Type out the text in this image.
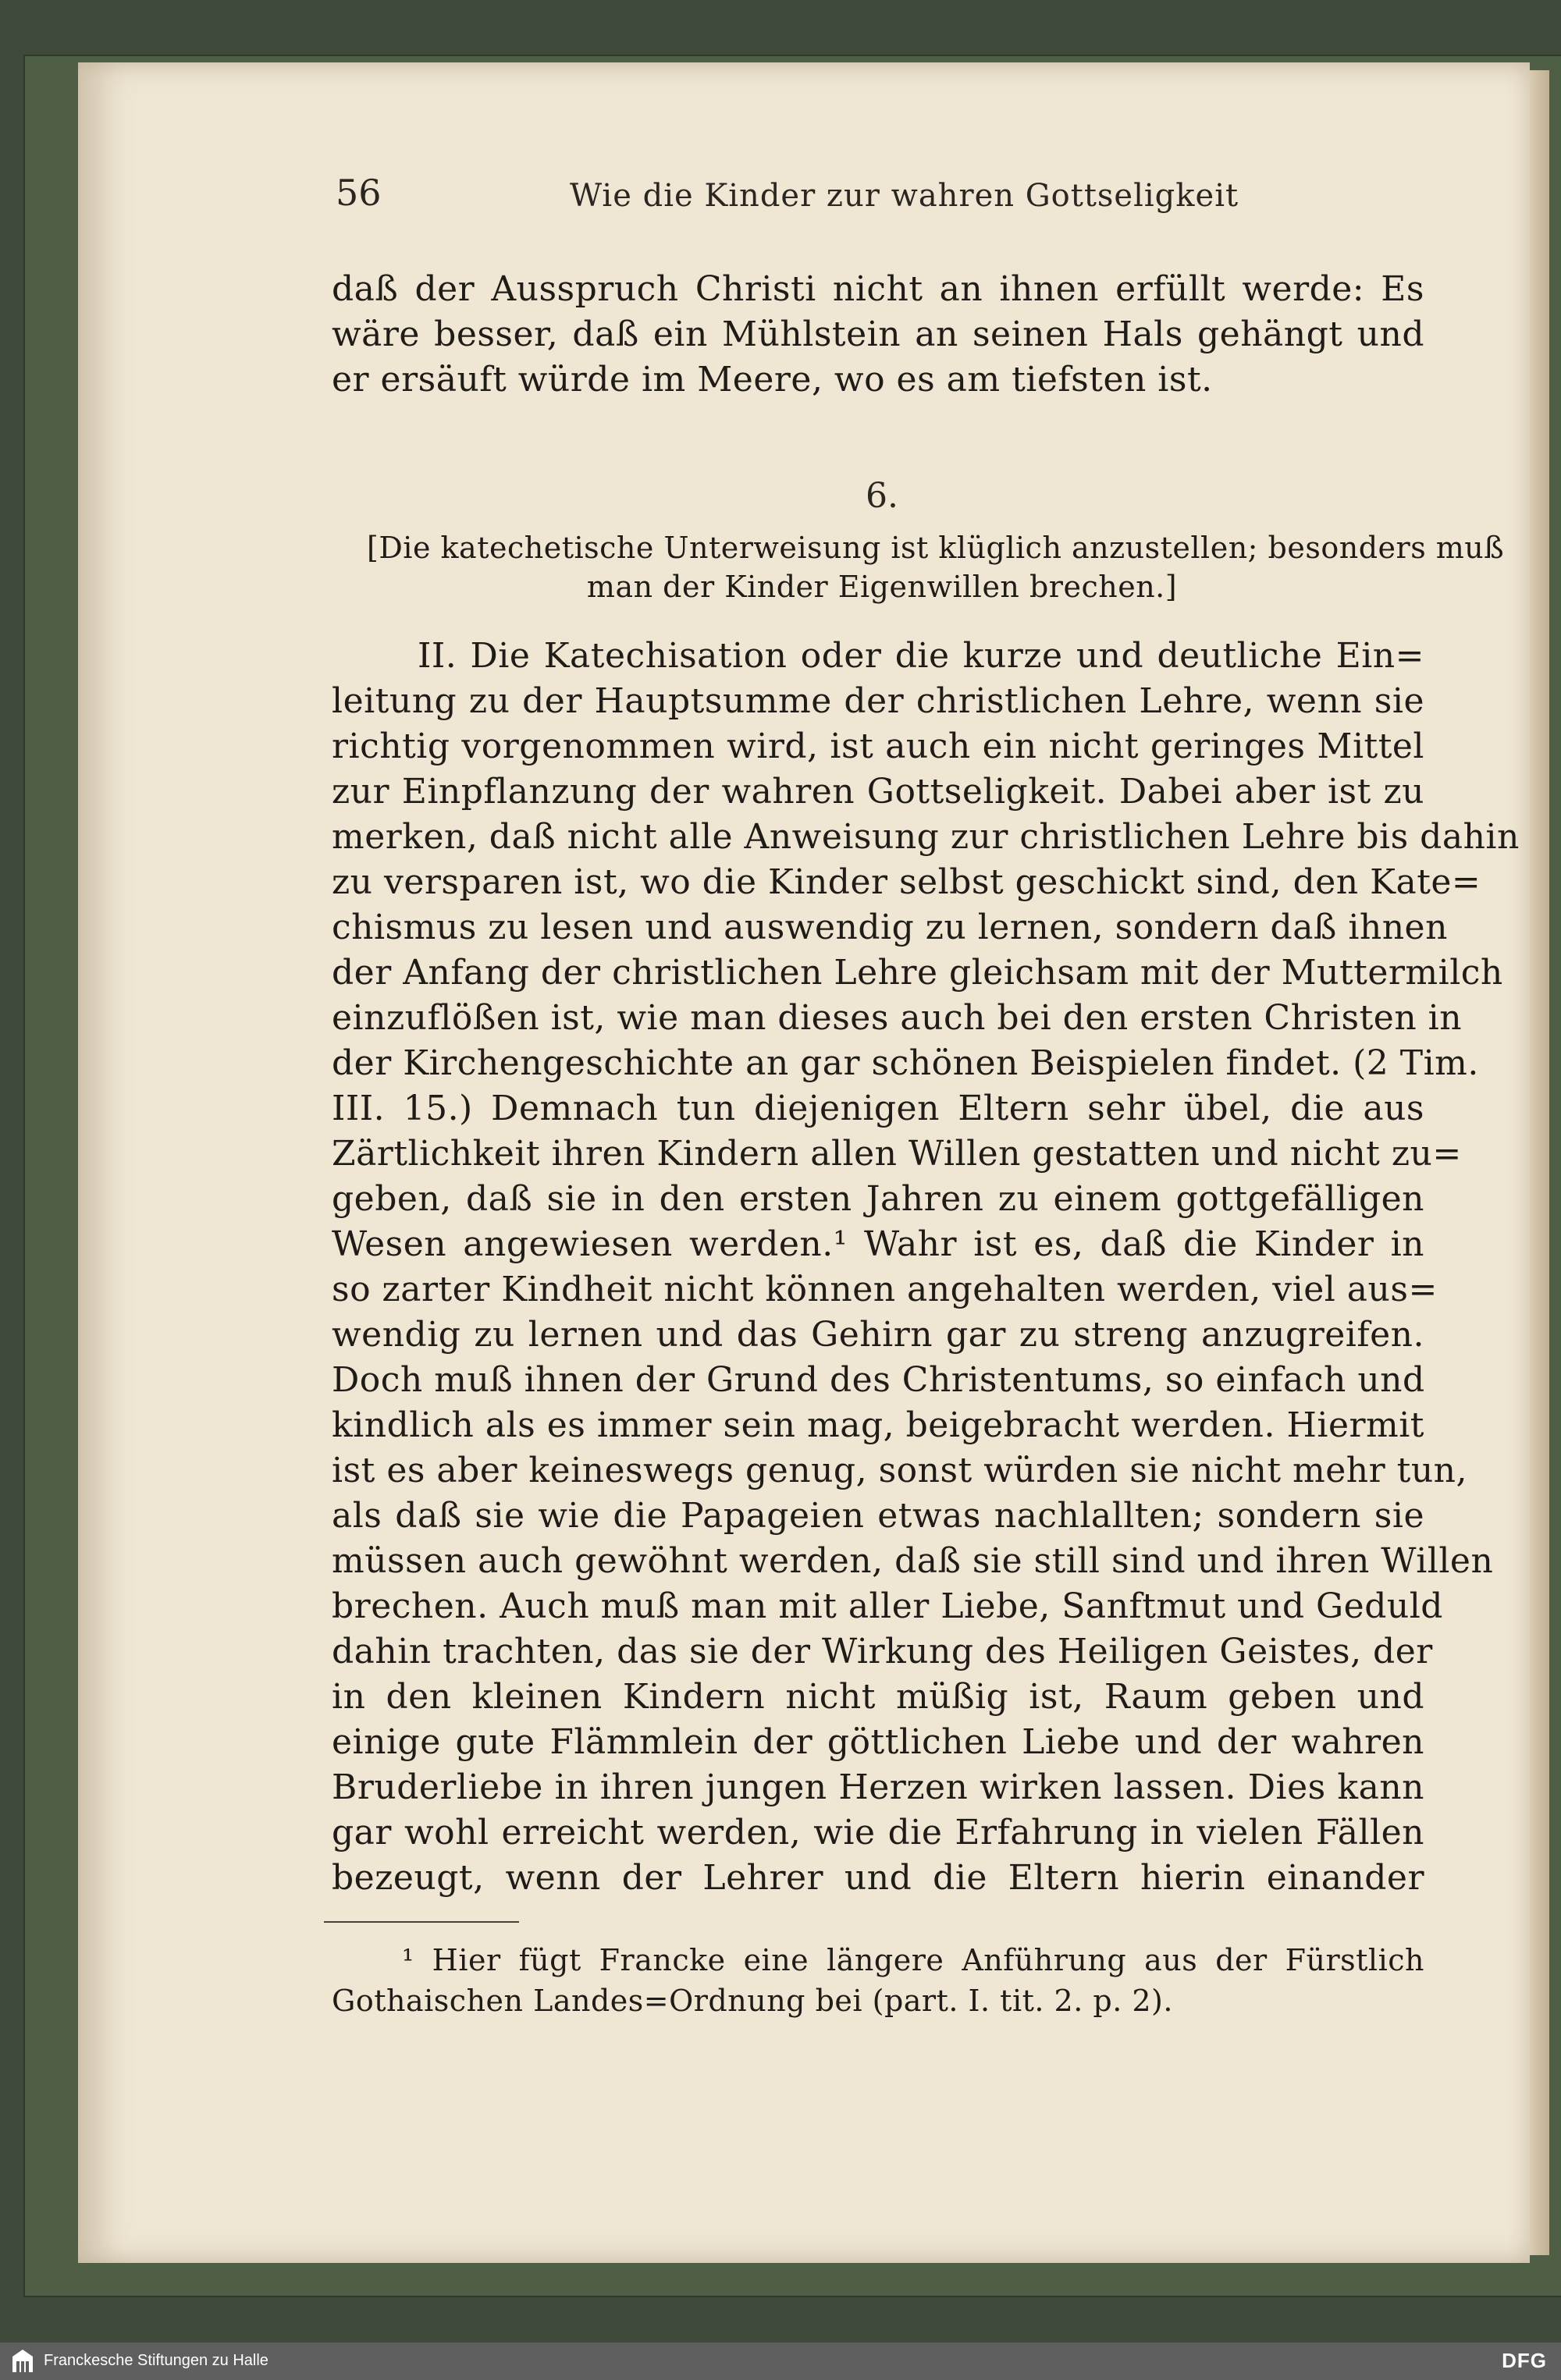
56	Wie die Kinder zur wahren Gottseligkeit
daß der Ausspruch Christi nicht an ihnen erfüllt werde: Es
wäre besser, daß ein Mühlstein an seinen Hals gehängt und
er ersäuft würde im Meere, wo es am tiefsten ist.
6.
[Die katechetische Unterweisung ist klüglich anzustellen; besonders muß
man der Kinder Eigenwillen brechen.]
II. Die Katechisation oder die kurze und deutliche Ein=
leitung zu der Hauptsumme der christlichen Lehre, wenn sie
richtig vorgenommen wird, ist auch ein nicht geringes Mittel
zur Einpflanzung der wahren Gottseligkeit. Dabei aber ist zu
merken, daß nicht alle Anweisung zur christlichen Lehre bis dahin
zu versparen ist, wo die Kinder selbst geschickt sind, den Kate=
chismus zu lesen und auswendig zu lernen, sondern daß ihnen
der Anfang der christlichen Lehre gleichsam mit der Muttermilch
einzuflößen ist, wie man dieses auch bei den ersten Christen in
der Kirchengeschichte an gar schönen Beispielen findet. (2 Tim.
III. 15.) Demnach tun diejenigen Eltern sehr übel, die aus
Zärtlichkeit ihren Kindern allen Willen gestatten und nicht zu=
geben, daß sie in den ersten Jahren zu einem gottgefälligen
Wesen angewiesen werden.¹ Wahr ist es, daß die Kinder in
so zarter Kindheit nicht können angehalten werden, viel aus=
wendig zu lernen und das Gehirn gar zu streng anzugreifen.
Doch muß ihnen der Grund des Christentums, so einfach und
kindlich als es immer sein mag, beigebracht werden. Hiermit
ist es aber keineswegs genug, sonst würden sie nicht mehr tun,
als daß sie wie die Papageien etwas nachlallten; sondern sie
müssen auch gewöhnt werden, daß sie still sind und ihren Willen
brechen. Auch muß man mit aller Liebe, Sanftmut und Geduld
dahin trachten, das sie der Wirkung des Heiligen Geistes, der
in den kleinen Kindern nicht müßig ist, Raum geben und
einige gute Flämmlein der göttlichen Liebe und der wahren
Bruderliebe in ihren jungen Herzen wirken lassen. Dies kann
gar wohl erreicht werden, wie die Erfahrung in vielen Fällen
bezeugt, wenn der Lehrer und die Eltern hierin einander
¹ Hier fügt Francke eine längere Anführung aus der Fürstlich
Gothaischen Landes=Ordnung bei (part. I. tit. 2. p. 2).
Franckesche Stiftungen zu Halle	DFG
